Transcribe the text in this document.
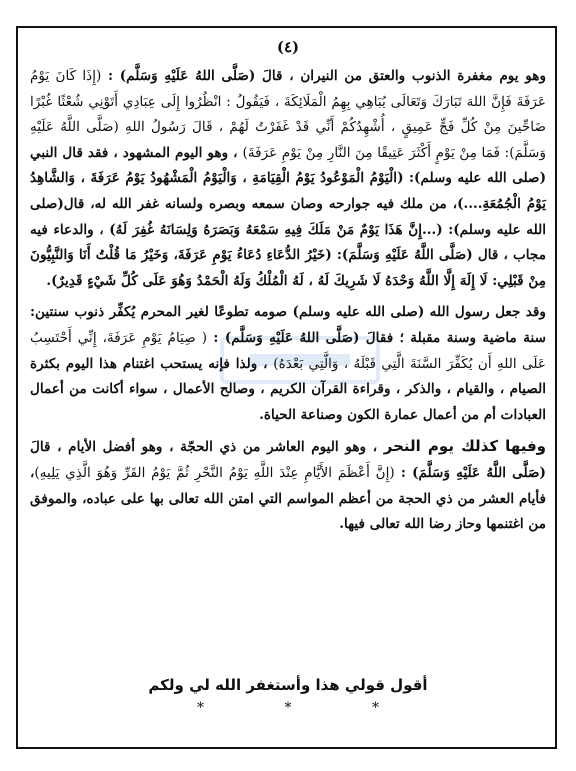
(٤)

وهو يوم مغفرة الذنوب والعتق من النيران ، قالَ (صَلَّى اللهُ عَلَيْهِ وَسَلَّم) : (إِذَا كَانَ يَوْمُ عَرَفَةَ فَإِنَّ اللهَ تَبَارَكَ وَتَعَالَى يُبَاهِي بِهِمُ الْمَلَائِكَةَ ، فَيَقُولُ : انْظُرُوا إِلَى عِبَادِي أَتَوْنِي شُعْثًا غُبْرًا ضَاحِّينَ مِنْ كُلِّ فَجٍّ عَمِيقٍ ، أُشْهِدُكُمْ أَنِّي قَدْ غَفَرْتُ لَهُمْ ، قَالَ رَسُولُ اللهِ (صَلَّى اللَّهُ عَلَيْهِ وَسَلَّمَ): فَمَا مِنْ يَوْمٍ أَكْثَرَ عَتِيقًا مِنَ النَّارِ مِنْ يَوْمِ عَرَفَةَ) ، وهو اليوم المشهود ، فقد قال النبي (صلى الله عليه وسلم): (الْيَوْمُ الْمَوْعُودُ يَوْمُ الْقِيَامَةِ ، وَالْيَوْمُ الْمَشْهُودُ يَوْمُ عَرَفَةَ ، وَالشَّاهِدُ يَوْمُ الْجُمُعَةِ....)، من ملك فيه جوارحه وصان سمعه وبصره ولسانه غفر الله له، قال(صلى الله عليه وسلم): (...إِنَّ هَذَا يَوْمٌ مَنْ مَلَكَ فِيهِ سَمْعَهُ وَبَصَرَهُ وَلِسَانَهُ غُفِرَ لَهُ) ، والدعاء فيه مجاب ، قال (صَلَّى اللَّهُ عَلَيْهِ وَسَلَّمَ): (خَيْرُ الدُّعَاءِ دُعَاءُ يَوْمِ عَرَفَةَ، وَخَيْرُ مَا قُلْتُ أَنَا وَالنَّبِيُّونَ مِنْ قَبْلِي: لَا إِلَهَ إِلَّا اللَّهُ وَحْدَهُ لَا شَرِيكَ لَهُ ، لَهُ الْمُلْكُ وَلَهُ الْحَمْدُ وَهُوَ عَلَى كُلِّ شَيْءٍ قَدِيرٌ).

وقد جعل رسول الله (صلى الله عليه وسلم) صومه تطوعًا لغير المحرم يُكفِّر ذنوب سنتين: سنة ماضية وسنة مقبلة ؛ فقالَ (صَلَّى اللهُ عَلَيْهِ وَسَلَّم) : ( صِيَامُ يَوْمِ عَرَفَةَ، إِنِّي أَحْتَسِبُ عَلَى اللهِ أَن يُكَفِّرَ السَّنَةَ الَّتِي قَبْلَهُ ، وَالَّتِي بَعْدَهُ) ، ولذا فإنه يستحب اغتنام هذا اليوم بكثرة الصيام ، والقيام ، والذكر ، وقراءة القرآن الكريم ، وصالح الأعمال ، سواء أكانت من أعمال العبادات أم من أعمال عمارة الكون وصناعة الحياة.

وفيها كذلك يوم النحر ، وهو اليوم العاشر من ذي الحجّة ، وهو أفضل الأيام ، قالَ (صَلَّى اللَّهُ عَلَيْهِ وَسَلَّمَ) : (إِنَّ أَعْظَمَ الأَيَّامِ عِنْدَ اللَّهِ يَوْمُ النَّحْرِ ثُمَّ يَوْمُ القَرِّ وَهُوَ الَّذِي يَلِيهِ)، فأيام العشر من ذي الحجة من أعظم المواسم التي امتن الله تعالى بها على عباده، والموفق من اغتنمها وحاز رضا الله تعالى فيها.

أقول قولي هذا وأستغفر الله لي ولكم
* * *
